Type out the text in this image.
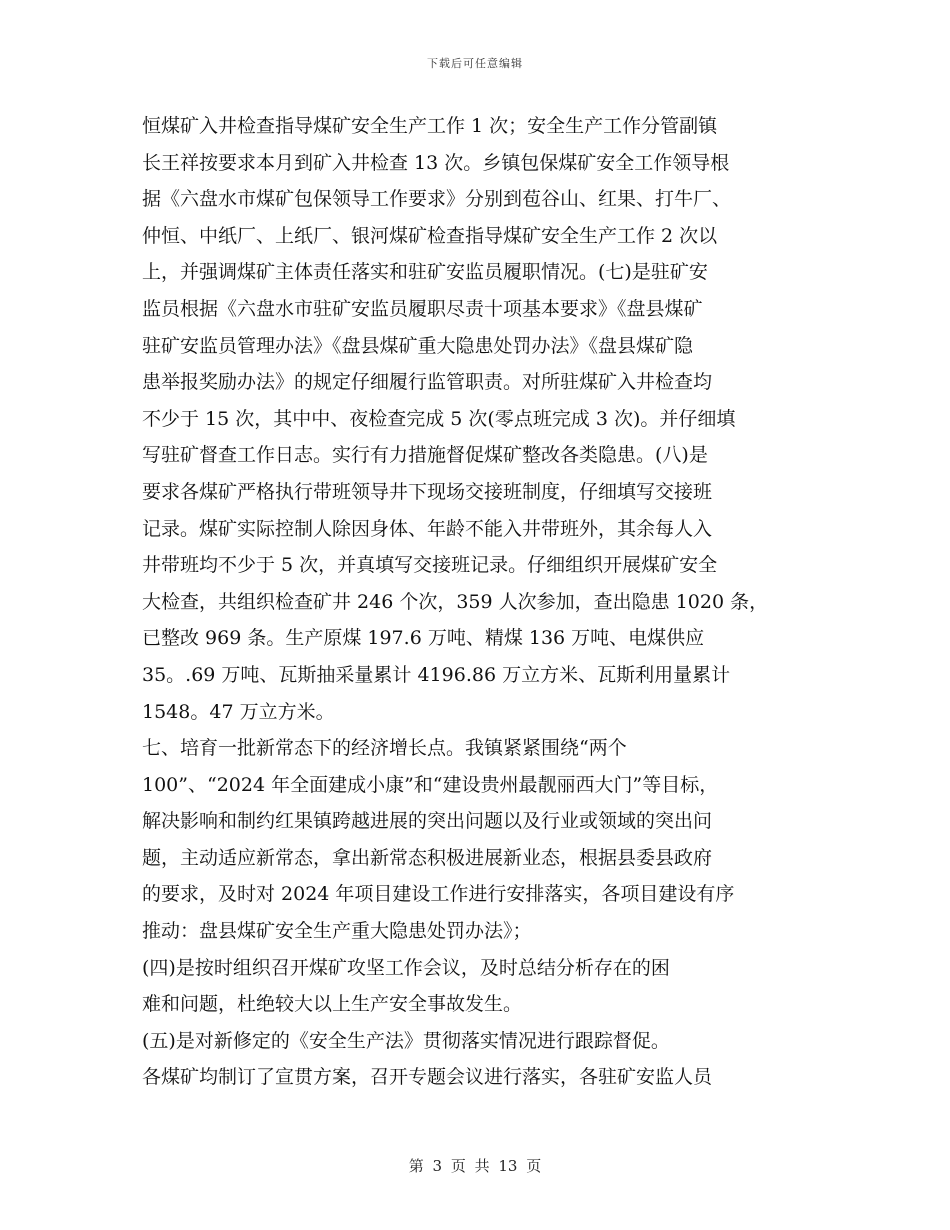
下载后可任意编辑
恒煤矿入井检查指导煤矿安全生产工作 1 次；安全生产工作分管副镇
长王祥按要求本月到矿入井检查 13 次。乡镇包保煤矿安全工作领导根
据《六盘水市煤矿包保领导工作要求》分别到苞谷山、红果、打牛厂、
仲恒、中纸厂、上纸厂、银河煤矿检查指导煤矿安全生产工作 2 次以
上，并强调煤矿主体责任落实和驻矿安监员履职情况。(七)是驻矿安
监员根据《六盘水市驻矿安监员履职尽责十项基本要求》《盘县煤矿
驻矿安监员管理办法》《盘县煤矿重大隐患处罚办法》《盘县煤矿隐
患举报奖励办法》的规定仔细履行监管职责。对所驻煤矿入井检查均
不少于 15 次，其中中、夜检查完成 5 次(零点班完成 3 次)。并仔细填
写驻矿督查工作日志。实行有力措施督促煤矿整改各类隐患。(八)是
要求各煤矿严格执行带班领导井下现场交接班制度，仔细填写交接班
记录。煤矿实际控制人除因身体、年龄不能入井带班外，其余每人入
井带班均不少于 5 次，并真填写交接班记录。仔细组织开展煤矿安全
大检查，共组织检查矿井 246 个次，359 人次参加，查出隐患 1020 条，
已整改 969 条。生产原煤 197.6 万吨、精煤 136 万吨、电煤供应
35。.69 万吨、瓦斯抽采量累计 4196.86 万立方米、瓦斯利用量累计
1548。47 万立方米。
七、培育一批新常态下的经济增长点。我镇紧紧围绕“两个
100”、“2024 年全面建成小康”和“建设贵州最靓丽西大门”等目标，
解决影响和制约红果镇跨越进展的突出问题以及行业或领域的突出问
题，主动适应新常态，拿出新常态积极进展新业态，根据县委县政府
的要求，及时对 2024 年项目建设工作进行安排落实，各项目建设有序
推动：盘县煤矿安全生产重大隐患处罚办法》；
(四)是按时组织召开煤矿攻坚工作会议，及时总结分析存在的困
难和问题，杜绝较大以上生产安全事故发生。
(五)是对新修定的《安全生产法》贯彻落实情况进行跟踪督促。
各煤矿均制订了宣贯方案，召开专题会议进行落实，各驻矿安监人员
第 3 页 共 13 页
